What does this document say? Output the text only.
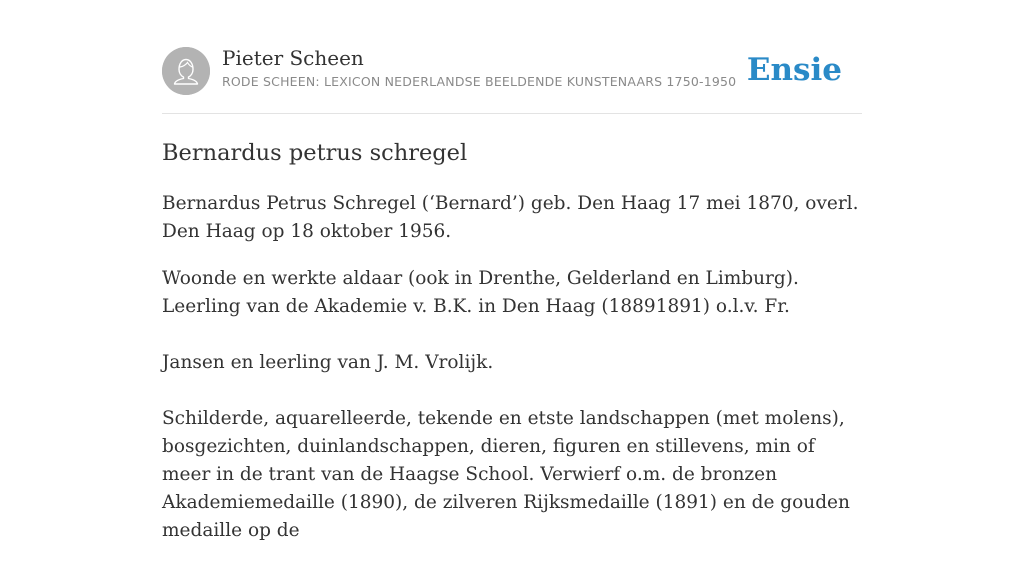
Pieter Scheen
RODE SCHEEN: LEXICON NEDERLANDSE BEELDENDE KUNSTENAARS 1750-1950 Ensie
Bernardus petrus schregel

Bernardus Petrus Schregel (‘Bernard’) geb. Den Haag 17 mei 1870, overl. Den Haag op 18 oktober 1956.

Woonde en werkte aldaar (ook in Drenthe, Gelderland en Limburg). Leerling van de Akademie v. B.K. in Den Haag (18891891) o.l.v. Fr.

Jansen en leerling van J. M. Vrolijk.

Schilderde, aquarelleerde, tekende en etste landschappen (met molens), bosgezichten, duinlandschappen, dieren, figuren en stillevens, min of meer in de trant van de Haagse School. Verwierf o.m. de bronzen Akademiemedaille (1890), de zilveren Rijksmedaille (1891) en de gouden medaille op de
